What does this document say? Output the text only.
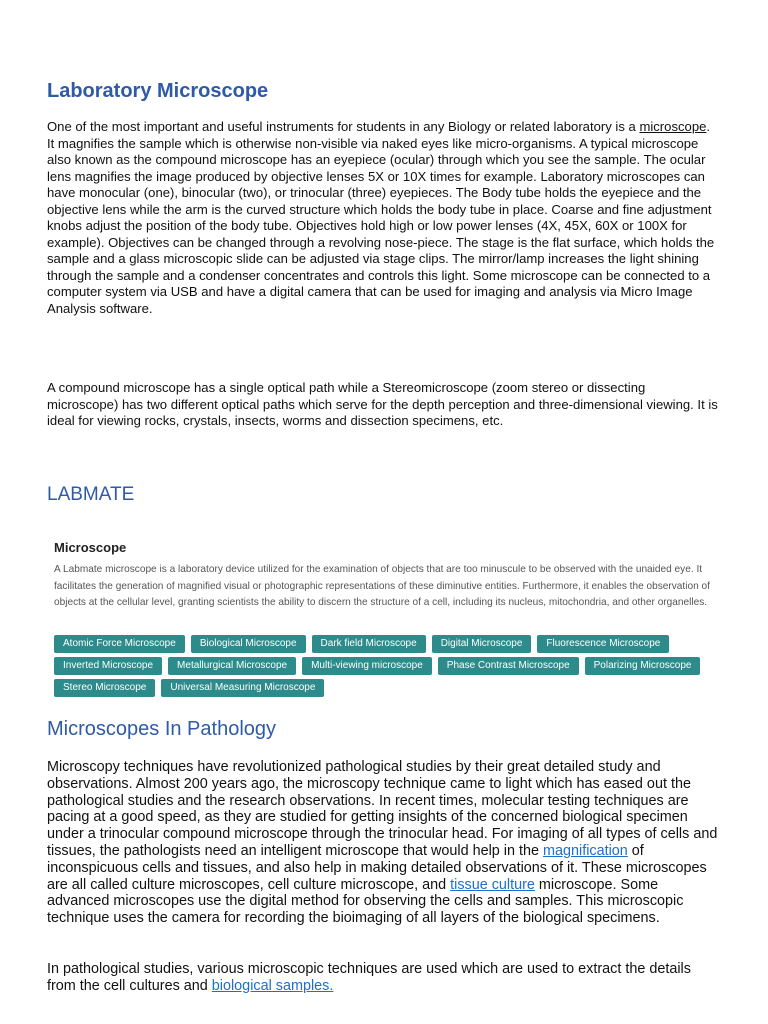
Laboratory Microscope

One of the most important and useful instruments for students in any Biology or related laboratory is a microscope. It magnifies the sample which is otherwise non-visible via naked eyes like micro-organisms. A typical microscope also known as the compound microscope has an eyepiece (ocular) through which you see the sample. The ocular lens magnifies the image produced by objective lenses 5X or 10X times for example. Laboratory microscopes can have monocular (one), binocular (two), or trinocular (three) eyepieces. The Body tube holds the eyepiece and the objective lens while the arm is the curved structure which holds the body tube in place. Coarse and fine adjustment knobs adjust the position of the body tube. Objectives hold high or low power lenses (4X, 45X, 60X or 100X for example). Objectives can be changed through a revolving nose-piece. The stage is the flat surface, which holds the sample and a glass microscopic slide can be adjusted via stage clips. The mirror/lamp increases the light shining through the sample and a condenser concentrates and controls this light. Some microscope can be connected to a computer system via USB and have a digital camera that can be used for imaging and analysis via Micro Image Analysis software.

A compound microscope has a single optical path while a Stereomicroscope (zoom stereo or dissecting microscope) has two different optical paths which serve for the depth perception and three-dimensional viewing. It is ideal for viewing rocks, crystals, insects, worms and dissection specimens, etc.

LABMATE
Microscope

A Labmate microscope is a laboratory device utilized for the examination of objects that are too minuscule to be observed with the unaided eye. It facilitates the generation of magnified visual or photographic representations of these diminutive entities. Furthermore, it enables the observation of objects at the cellular level, granting scientists the ability to discern the structure of a cell, including its nucleus, mitochondria, and other organelles.

Atomic Force Microscope	Biological Microscope	Dark field Microscope	Digital Microscope	Fluorescence Microscope
Inverted Microscope	Metallurgical Microscope	Multi-viewing microscope	Phase Contrast Microscope	Polarizing Microscope
Stereo Microscope	Universal Measuring Microscope
Microscopes In Pathology

Microscopy techniques have revolutionized pathological studies by their great detailed study and observations. Almost 200 years ago, the microscopy technique came to light which has eased out the pathological studies and the research observations. In recent times, molecular testing techniques are pacing at a good speed, as they are studied for getting insights of the concerned biological specimen under a trinocular compound microscope through the trinocular head. For imaging of all types of cells and tissues, the pathologists need an intelligent microscope that would help in the magnification of inconspicuous cells and tissues, and also help in making detailed observations of it. These microscopes are all called culture microscopes, cell culture microscope, and tissue culture microscope. Some advanced microscopes use the digital method for observing the cells and samples. This microscopic technique uses the camera for recording the bioimaging of all layers of the biological specimens.

In pathological studies, various microscopic techniques are used which are used to extract the details from the cell cultures and biological samples.
